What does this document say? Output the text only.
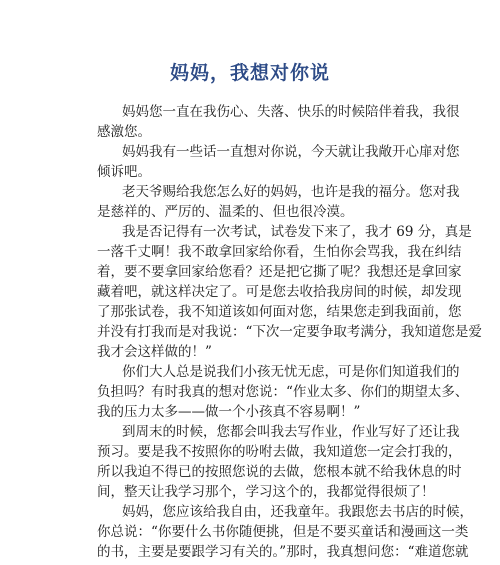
妈妈，我想对你说

妈妈您一直在我伤心、失落、快乐的时候陪伴着我，我很

感激您。

妈妈我有一些话一直想对你说，今天就让我敞开心扉对您

倾诉吧。

老天爷赐给我您怎么好的妈妈，也许是我的福分。您对我

是慈祥的、严厉的、温柔的、但也很冷漠。

我是否记得有一次考试，试卷发下来了，我才 69 分，真是

一落千丈啊！我不敢拿回家给你看，生怕你会骂我，我在纠结

着，要不要拿回家给您看？还是把它撕了呢？我想还是拿回家

藏着吧，就这样决定了。可是您去收拾我房间的时候，却发现

了那张试卷，我不知道该如何面对您，结果您走到我面前，您

并没有打我而是对我说：“下次一定要争取考满分，我知道您是爱

我才会这样做的！”

你们大人总是说我们小孩无忧无虑，可是你们知道我们的

负担吗？有时我真的想对您说：“作业太多、你们的期望太多、

我的压力太多——做一个小孩真不容易啊！”

到周末的时候，您都会叫我去写作业，作业写好了还让我

预习。要是我不按照你的吩咐去做，我知道您一定会打我的，

所以我迫不得已的按照您说的去做，您根本就不给我休息的时

间，整天让我学习那个，学习这个的，我都觉得很烦了！

妈妈，您应该给我自由，还我童年。我跟您去书店的时候，

你总说：“你要什么书你随便挑，但是不要买童话和漫画这一类

的书，主要是要跟学习有关的。”那时，我真想问您：“难道您就
